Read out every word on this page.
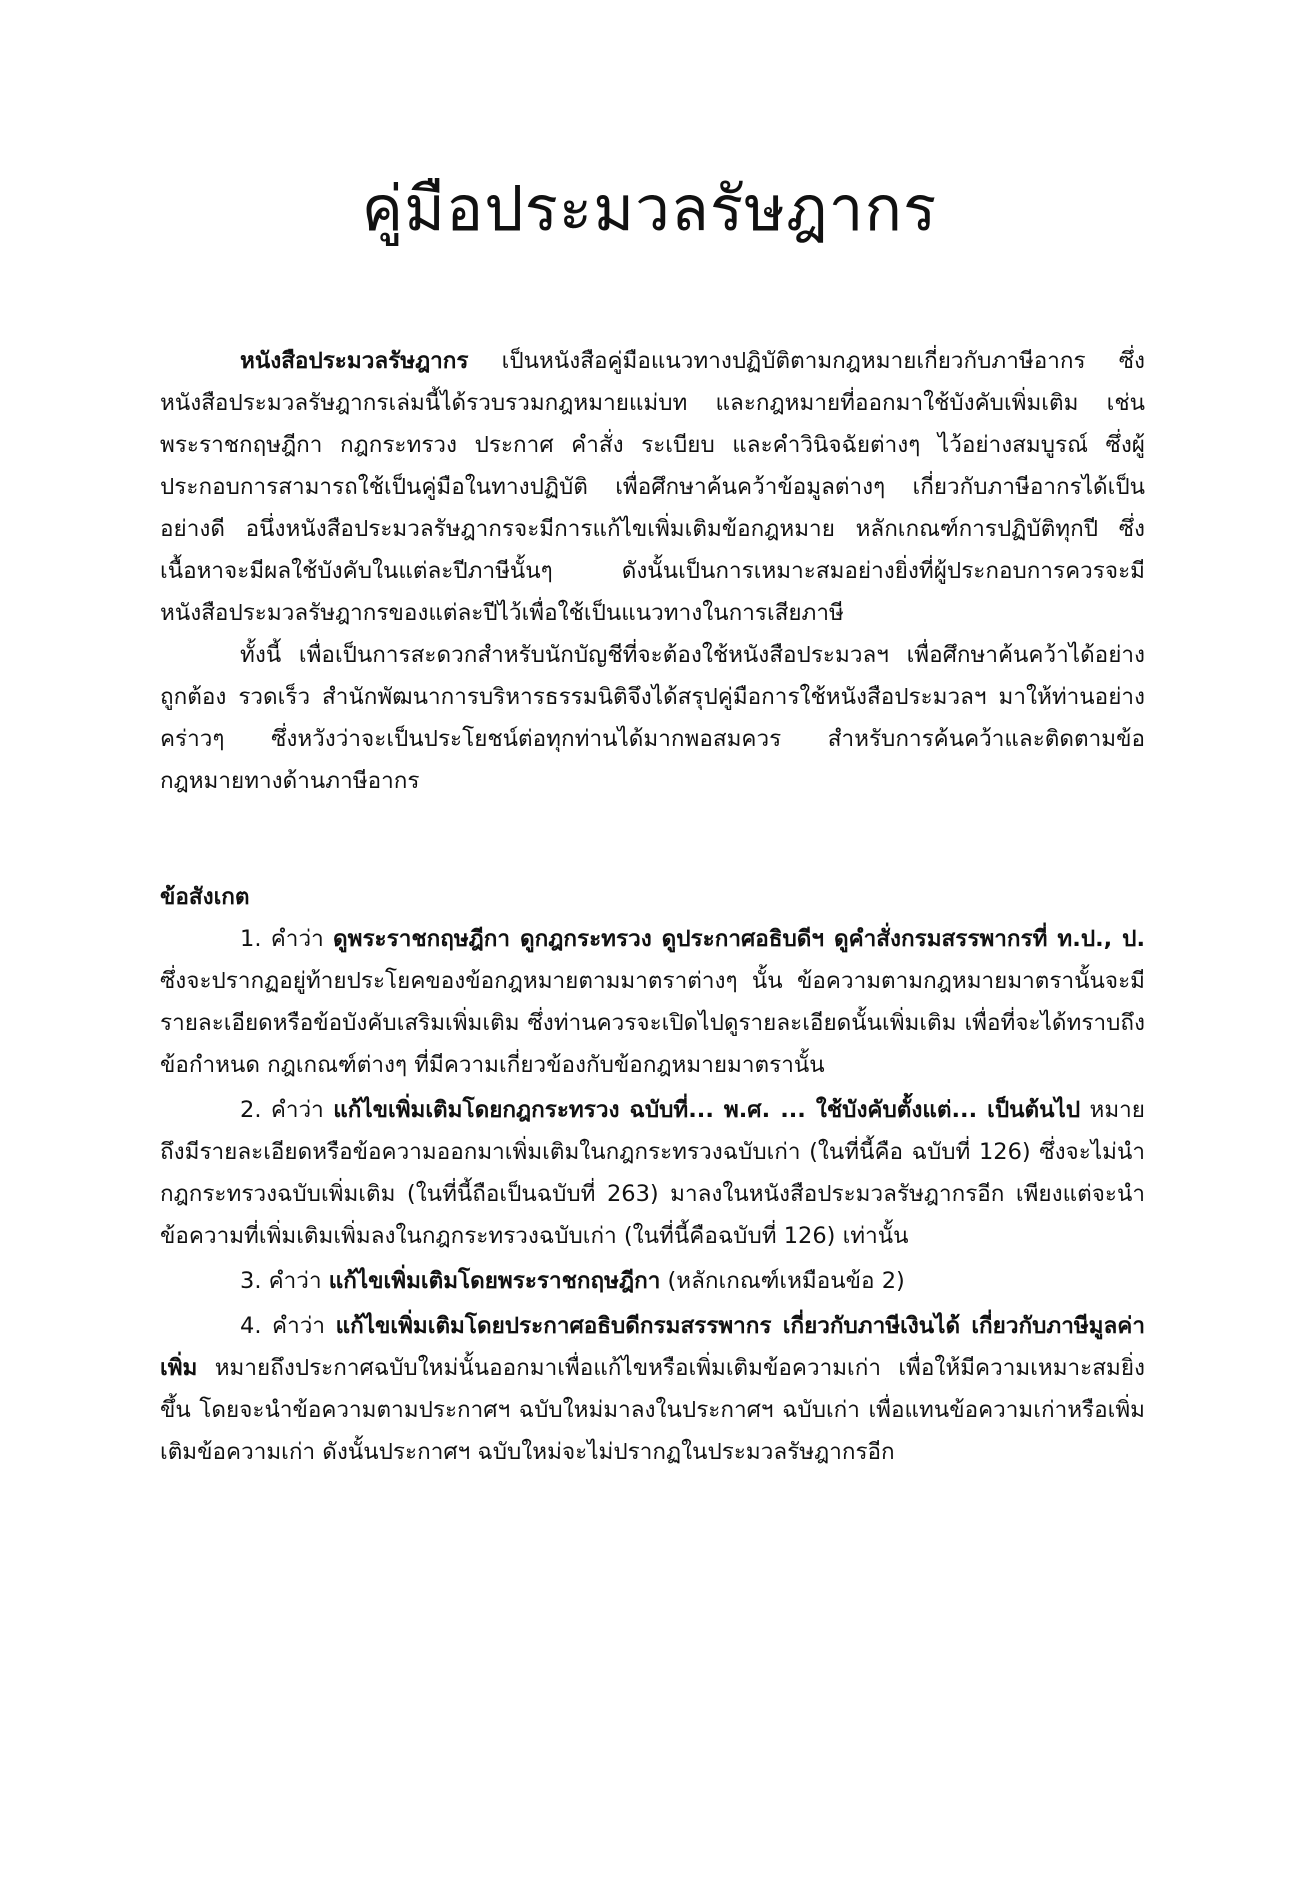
คู่มือประมวลรัษฎากร

หนังสือประมวลรัษฎากร เป็นหนังสือคู่มือแนวทางปฏิบัติตามกฎหมายเกี่ยวกับภาษีอากร ซึ่งหนังสือประมวลรัษฎากรเล่มนี้ได้รวบรวมกฎหมายแม่บท และกฎหมายที่ออกมาใช้บังคับเพิ่มเติม เช่น พระราชกฤษฎีกา กฎกระทรวง ประกาศ คำสั่ง ระเบียบ และคำวินิจฉัยต่างๆ ไว้อย่างสมบูรณ์ ซึ่งผู้ประกอบการสามารถใช้เป็นคู่มือในทางปฏิบัติ เพื่อศึกษาค้นคว้าข้อมูลต่างๆ เกี่ยวกับภาษีอากรได้เป็นอย่างดี อนึ่งหนังสือประมวลรัษฎากรจะมีการแก้ไขเพิ่มเติมข้อกฎหมาย หลักเกณฑ์การปฏิบัติทุกปี ซึ่งเนื้อหาจะมีผลใช้บังคับในแต่ละปีภาษีนั้นๆ ดังนั้นเป็นการเหมาะสมอย่างยิ่งที่ผู้ประกอบการควรจะมีหนังสือประมวลรัษฎากรของแต่ละปีไว้เพื่อใช้เป็นแนวทางในการเสียภาษี

ทั้งนี้ เพื่อเป็นการสะดวกสำหรับนักบัญชีที่จะต้องใช้หนังสือประมวลฯ เพื่อศึกษาค้นคว้าได้อย่างถูกต้อง รวดเร็ว สำนักพัฒนาการบริหารธรรมนิติจึงได้สรุปคู่มือการใช้หนังสือประมวลฯ มาให้ท่านอย่างคร่าวๆ ซึ่งหวังว่าจะเป็นประโยชน์ต่อทุกท่านได้มากพอสมควร สำหรับการค้นคว้าและติดตามข้อกฎหมายทางด้านภาษีอากร

ข้อสังเกต

1. คำว่า ดูพระราชกฤษฎีกา ดูกฎกระทรวง ดูประกาศอธิบดีฯ ดูคำสั่งกรมสรรพากรที่ ท.ป., ป. ซึ่งจะปรากฏอยู่ท้ายประโยคของข้อกฎหมายตามมาตราต่างๆ นั้น ข้อความตามกฎหมายมาตรานั้นจะมีรายละเอียดหรือข้อบังคับเสริมเพิ่มเติม ซึ่งท่านควรจะเปิดไปดูรายละเอียดนั้นเพิ่มเติม เพื่อที่จะได้ทราบถึงข้อกำหนด กฎเกณฑ์ต่างๆ ที่มีความเกี่ยวข้องกับข้อกฎหมายมาตรานั้น

2. คำว่า แก้ไขเพิ่มเติมโดยกฎกระทรวง ฉบับที่... พ.ศ. ... ใช้บังคับตั้งแต่... เป็นต้นไป หมายถึงมีรายละเอียดหรือข้อความออกมาเพิ่มเติมในกฎกระทรวงฉบับเก่า (ในที่นี้คือ ฉบับที่ 126) ซึ่งจะไม่นำกฎกระทรวงฉบับเพิ่มเติม (ในที่นี้ถือเป็นฉบับที่ 263) มาลงในหนังสือประมวลรัษฎากรอีก เพียงแต่จะนำข้อความที่เพิ่มเติมเพิ่มลงในกฎกระทรวงฉบับเก่า (ในที่นี้คือฉบับที่ 126) เท่านั้น

3. คำว่า แก้ไขเพิ่มเติมโดยพระราชกฤษฎีกา (หลักเกณฑ์เหมือนข้อ 2)

4. คำว่า แก้ไขเพิ่มเติมโดยประกาศอธิบดีกรมสรรพากร เกี่ยวกับภาษีเงินได้ เกี่ยวกับภาษีมูลค่าเพิ่ม หมายถึงประกาศฉบับใหม่นั้นออกมาเพื่อแก้ไขหรือเพิ่มเติมข้อความเก่า เพื่อให้มีความเหมาะสมยิ่งขึ้น โดยจะนำข้อความตามประกาศฯ ฉบับใหม่มาลงในประกาศฯ ฉบับเก่า เพื่อแทนข้อความเก่าหรือเพิ่มเติมข้อความเก่า ดังนั้นประกาศฯ ฉบับใหม่จะไม่ปรากฏในประมวลรัษฎากรอีก
